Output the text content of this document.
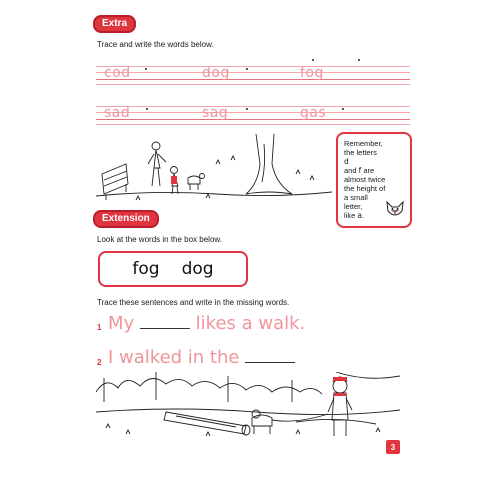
Extra
Trace and write the words below.
cod	dog	fog
sad	sag	gas
Remember,
the letters
d
and f are
almost twice
the height of
a small
letter,
like a.
Extension
Look at the words in the box below.
fog dog
Trace these sentences and write in the missing words.
1 My	likes a walk.
2 I walked in the
3
